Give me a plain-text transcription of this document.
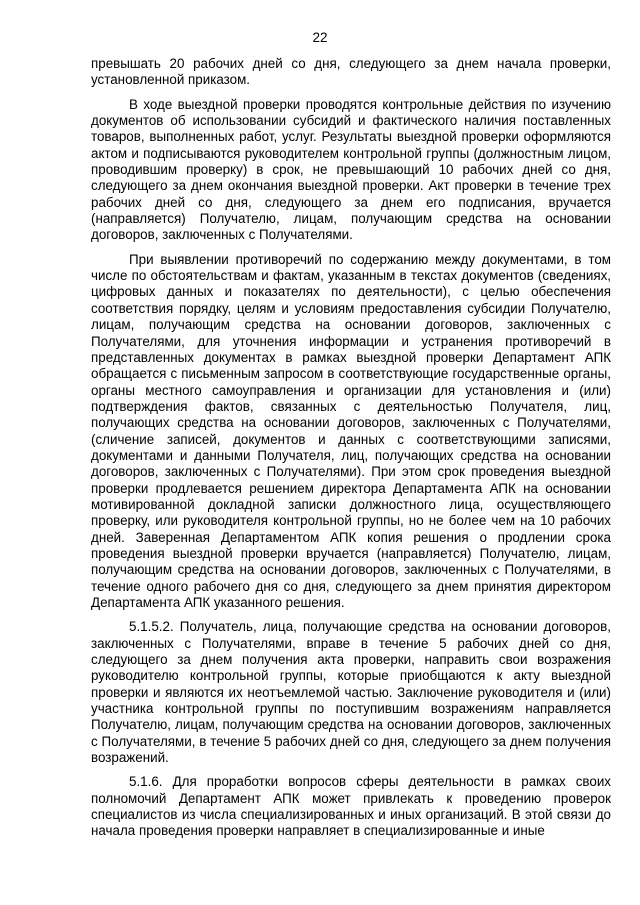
22

превышать 20 рабочих дней со дня, следующего за днем начала проверки, установленной приказом.

В ходе выездной проверки проводятся контрольные действия по изучению документов об использовании субсидий и фактического наличия поставленных товаров, выполненных работ, услуг. Результаты выездной проверки оформляются актом и подписываются руководителем контрольной группы (должностным лицом, проводившим проверку) в срок, не превышающий 10 рабочих дней со дня, следующего за днем окончания выездной проверки. Акт проверки в течение трех рабочих дней со дня, следующего за днем его подписания, вручается (направляется) Получателю, лицам, получающим средства на основании договоров, заключенных с Получателями.

При выявлении противоречий по содержанию между документами, в том числе по обстоятельствам и фактам, указанным в текстах документов (сведениях, цифровых данных и показателях по деятельности), с целью обеспечения соответствия порядку, целям и условиям предоставления субсидии Получателю, лицам, получающим средства на основании договоров, заключенных с Получателями, для уточнения информации и устранения противоречий в представленных документах в рамках выездной проверки Департамент АПК обращается с письменным запросом в соответствующие государственные органы, органы местного самоуправления и организации для установления и (или) подтверждения фактов, связанных с деятельностью Получателя, лиц, получающих средства на основании договоров, заключенных с Получателями, (сличение записей, документов и данных с соответствующими записями, документами и данными Получателя, лиц, получающих средства на основании договоров, заключенных с Получателями). При этом срок проведения выездной проверки продлевается решением директора Департамента АПК на основании мотивированной докладной записки должностного лица, осуществляющего проверку, или руководителя контрольной группы, но не более чем на 10 рабочих дней. Заверенная Департаментом АПК копия решения о продлении срока проведения выездной проверки вручается (направляется) Получателю, лицам, получающим средства на основании договоров, заключенных с Получателями, в течение одного рабочего дня со дня, следующего за днем принятия директором Департамента АПК указанного решения.

5.1.5.2. Получатель, лица, получающие средства на основании договоров, заключенных с Получателями, вправе в течение 5 рабочих дней со дня, следующего за днем получения акта проверки, направить свои возражения руководителю контрольной группы, которые приобщаются к акту выездной проверки и являются их неотъемлемой частью. Заключение руководителя и (или) участника контрольной группы по поступившим возражениям направляется Получателю, лицам, получающим средства на основании договоров, заключенных с Получателями, в течение 5 рабочих дней со дня, следующего за днем получения возражений.

5.1.6. Для проработки вопросов сферы деятельности в рамках своих полномочий Департамент АПК может привлекать к проведению проверок специалистов из числа специализированных и иных организаций. В этой связи до начала проведения проверки направляет в специализированные и иные
